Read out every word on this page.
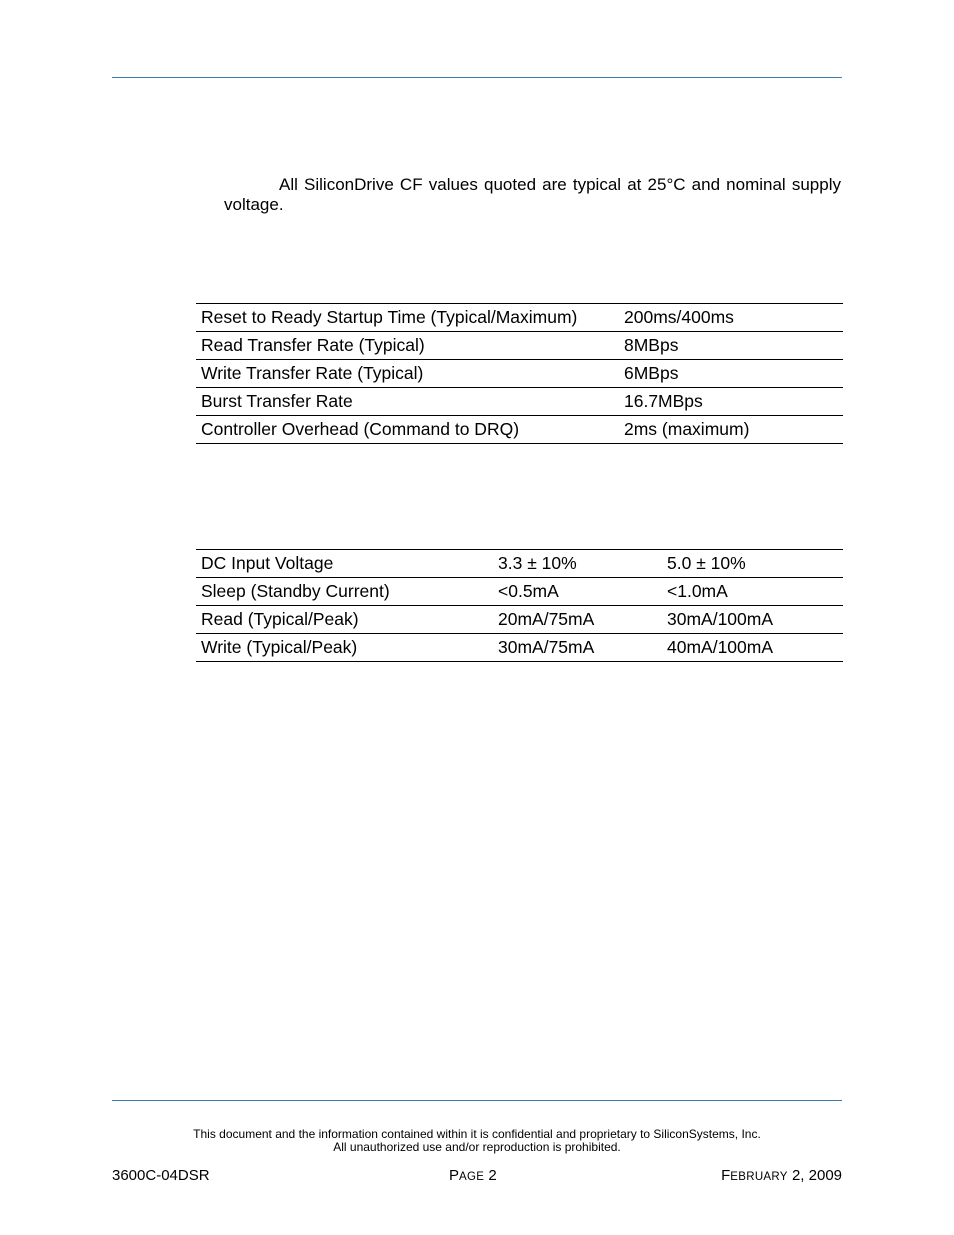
All SiliconDrive CF values quoted are typical at 25°C and nominal supply voltage.

Reset to Ready Startup Time (Typical/Maximum)	200ms/400ms
Read Transfer Rate (Typical)	8MBps
Write Transfer Rate (Typical)	6MBps
Burst Transfer Rate	16.7MBps
Controller Overhead (Command to DRQ)	2ms (maximum)
DC Input Voltage	3.3 ± 10%	5.0 ± 10%
Sleep (Standby Current)	<0.5mA	<1.0mA
Read (Typical/Peak)	20mA/75mA	30mA/100mA
Write (Typical/Peak)	30mA/75mA	40mA/100mA
This document and the information contained within it is confidential and proprietary to SiliconSystems, Inc.
All unauthorized use and/or reproduction is prohibited.
3600C-04DSR	PAGE 2	FEBRUARY 2, 2009
